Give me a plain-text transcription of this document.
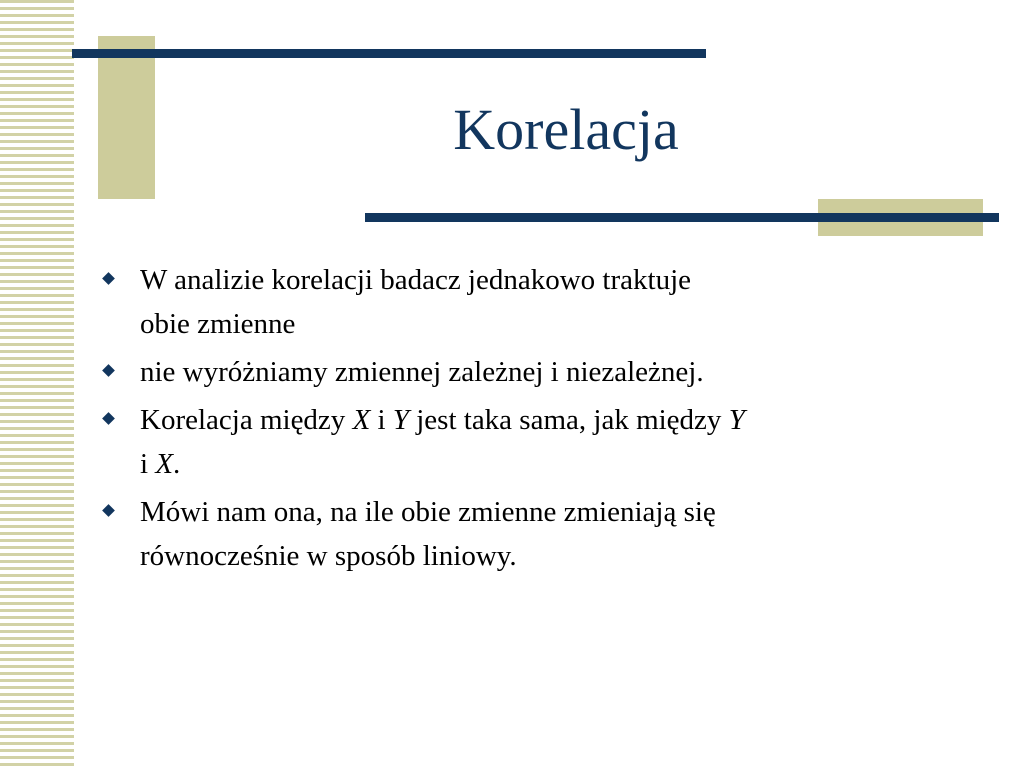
Korelacja
W analizie korelacji badacz jednakowo traktuje
obie zmienne
nie wyróżniamy zmiennej zależnej i niezależnej.
Korelacja między X i Y jest taka sama, jak między Y
i X.
Mówi nam ona, na ile obie zmienne zmieniają się
równocześnie w sposób liniowy.
